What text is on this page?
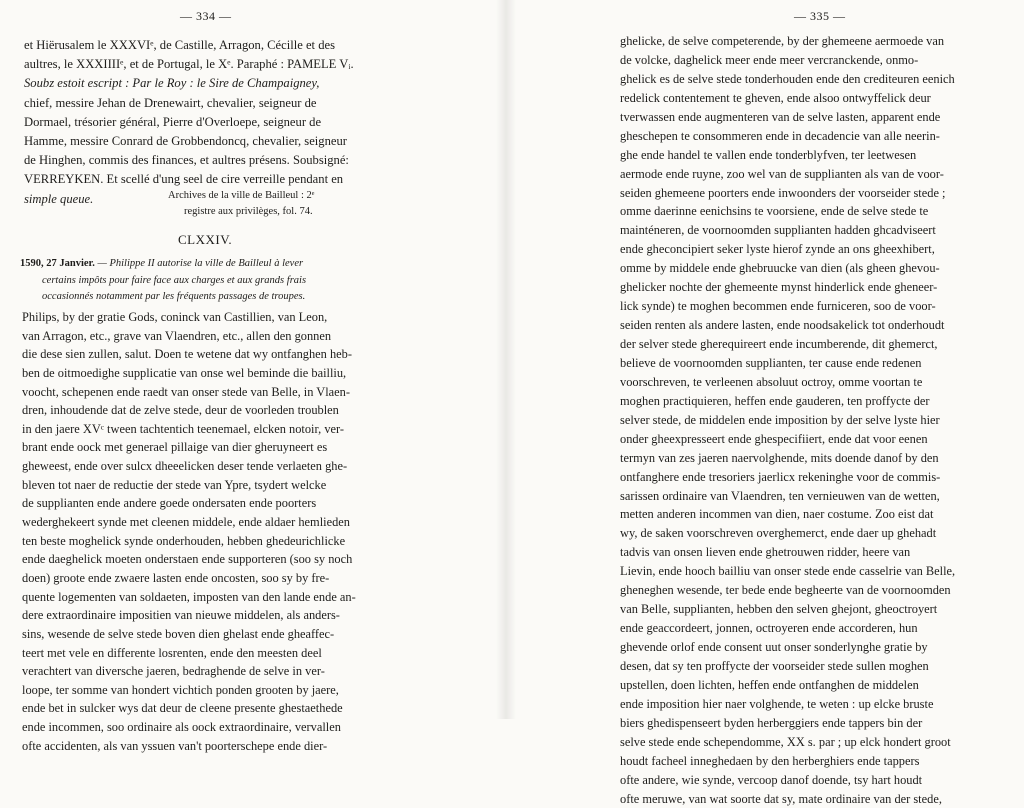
— 334 —
et Hiërusalem le XXXVIᵉ, de Castille, Arragon, Cécille et des
aultres, le XXXIIIIᵉ, et de Portugal, le Xᵉ. Paraphé : PAMELE Vᵢ.
Soubz estoit escript : Par le Roy : le Sire de Champaigney,
chief, messire Jehan de Drenewairt, chevalier, seigneur de
Dormael, trésorier général, Pierre d'Overloepe, seigneur de
Hamme, messire Conrard de Grobbendoncq, chevalier, seigneur
de Hinghen, commis des finances, et aultres présens. Soubsigné:
VERREYKEN. Et scellé d'ung seel de cire verreille pendant en
simple queue.	Archives de la ville de Bailleul : 2ᵉ
registre aux privilèges, fol. 74.
CLXXIV.
1590, 27 Janvier. — Philippe II autorise la ville de Bailleul à lever
certains impôts pour faire face aux charges et aux grands frais
occasionnés notamment par les fréquents passages de troupes.
Philips, by der gratie Gods, coninck van Castillien, van Leon,
van Arragon, etc., grave van Vlaendren, etc., allen den gonnen
die dese sien zullen, salut. Doen te wetene dat wy ontfanghen heb-
ben de oitmoedighe supplicatie van onse wel beminde die bailliu,
voocht, schepenen ende raedt van onser stede van Belle, in Vlaen-
dren, inhoudende dat de zelve stede, deur de voorleden troublen
in den jaere XVᶜ tween tachtentich teenemael, elcken notoir, ver-
brant ende oock met generael pillaige van dier gheruyneert es
gheweest, ende over sulcx dheeelicken deser tende verlaeten ghe-
bleven tot naer de reductie der stede van Ypre, tsydert welcke
de supplianten ende andere goede ondersaten ende poorters
wederghekeert synde met cleenen middele, ende aldaer hemlieden
ten beste moghelick synde onderhouden, hebben ghedeurichlicke
ende daeghelick moeten onderstaen ende supporteren (soo sy noch
doen) groote ende zwaere lasten ende oncosten, soo sy by fre-
quente logementen van soldaeten, imposten van den lande ende an-
dere extraordinaire impositien van nieuwe middelen, als anders-
sins, wesende de selve stede boven dien ghelast ende gheaffec-
teert met vele en differente losrenten, ende den meesten deel
verachtert van diversche jaeren, bedraghende de selve in ver-
loope, ter somme van hondert vichtich ponden grooten by jaere,
ende bet in sulcker wys dat deur de cleene presente ghestaethede
ende incommen, soo ordinaire als oock extraordinaire, vervallen
ofte accidenten, als van yssuen van't poorterschepe ende dier-
— 335 —
ghelicke, de selve competerende, by der ghemeene aermoede van
de volcke, daghelick meer ende meer vercranckende, onmo-
ghelick es de selve stede tonderhouden ende den crediteuren eenich
redelick contentement te gheven, ende alsoo ontwyffelick deur
tverwassen ende augmenteren van de selve lasten, apparent ende
gheschepen te consommeren ende in decadencie van alle neerin-
ghe ende handel te vallen ende tonderblyfven, ter leetwesen
aermode ende ruyne, zoo wel van de supplianten als van de voor-
seiden ghemeene poorters ende inwoonders der voorseider stede ;
omme daerinne eenichsins te voorsiene, ende de selve stede te
mainténeren, de voornoomden supplianten hadden ghcadviseert
ende gheconcipiert seker lyste hierof zynde an ons gheexhibert,
omme by middele ende ghebruucke van dien (als gheen ghevou-
ghelicker nochte der ghemeente mynst hinderlick ende gheneer-
lick synde) te moghen becommen ende furniceren, soo de voor-
seiden renten als andere lasten, ende noodsakelick tot onderhoudt
der selver stede gherequireert ende incumberende, dit ghemerct,
believe de voornoomden supplianten, ter cause ende redenen
voorschreven, te verleenen absoluut octroy, omme voortan te
moghen practiquieren, heffen ende gauderen, ten proffycte der
selver stede, de middelen ende imposition by der selve lyste hier
onder gheexpresseert ende ghespecifiiert, ende dat voor eenen
termyn van zes jaeren naervolghende, mits doende danof by den
ontfanghere ende tresoriers jaerlicx rekeninghe voor de commis-
sarissen ordinaire van Vlaendren, ten vernieuwen van de wetten,
metten anderen incommen van dien, naer costume. Zoo eist dat
wy, de saken voorschreven overghemerct, ende daer up ghehadt
tadvis van onsen lieven ende ghetrouwen ridder, heere van
Lievin, ende hooch bailliu van onser stede ende casselrie van Belle,
gheneghen wesende, ter bede ende begheerte van de voornoomden
van Belle, supplianten, hebben den selven ghejont, gheoctroyert
ende geaccordeert, jonnen, octroyeren ende accorderen, hun
ghevende orlof ende consent uut onser sonderlynghe gratie by
desen, dat sy ten proffycte der voorseider stede sullen moghen
upstellen, doen lichten, heffen ende ontfanghen de middelen
ende imposition hier naer volghende, te weten : up elcke bruste
biers ghedispenseert byden herberggiers ende tappers bin der
selve stede ende schependomme, XX s. par ; up elck hondert groot
houdt facheel inneghedaen by den herberghiers ende tappers
ofte andere, wie synde, vercoop danof doende, tsy hart houdt
ofte meruwe, van wat soorte dat sy, mate ordinaire van der stede,
